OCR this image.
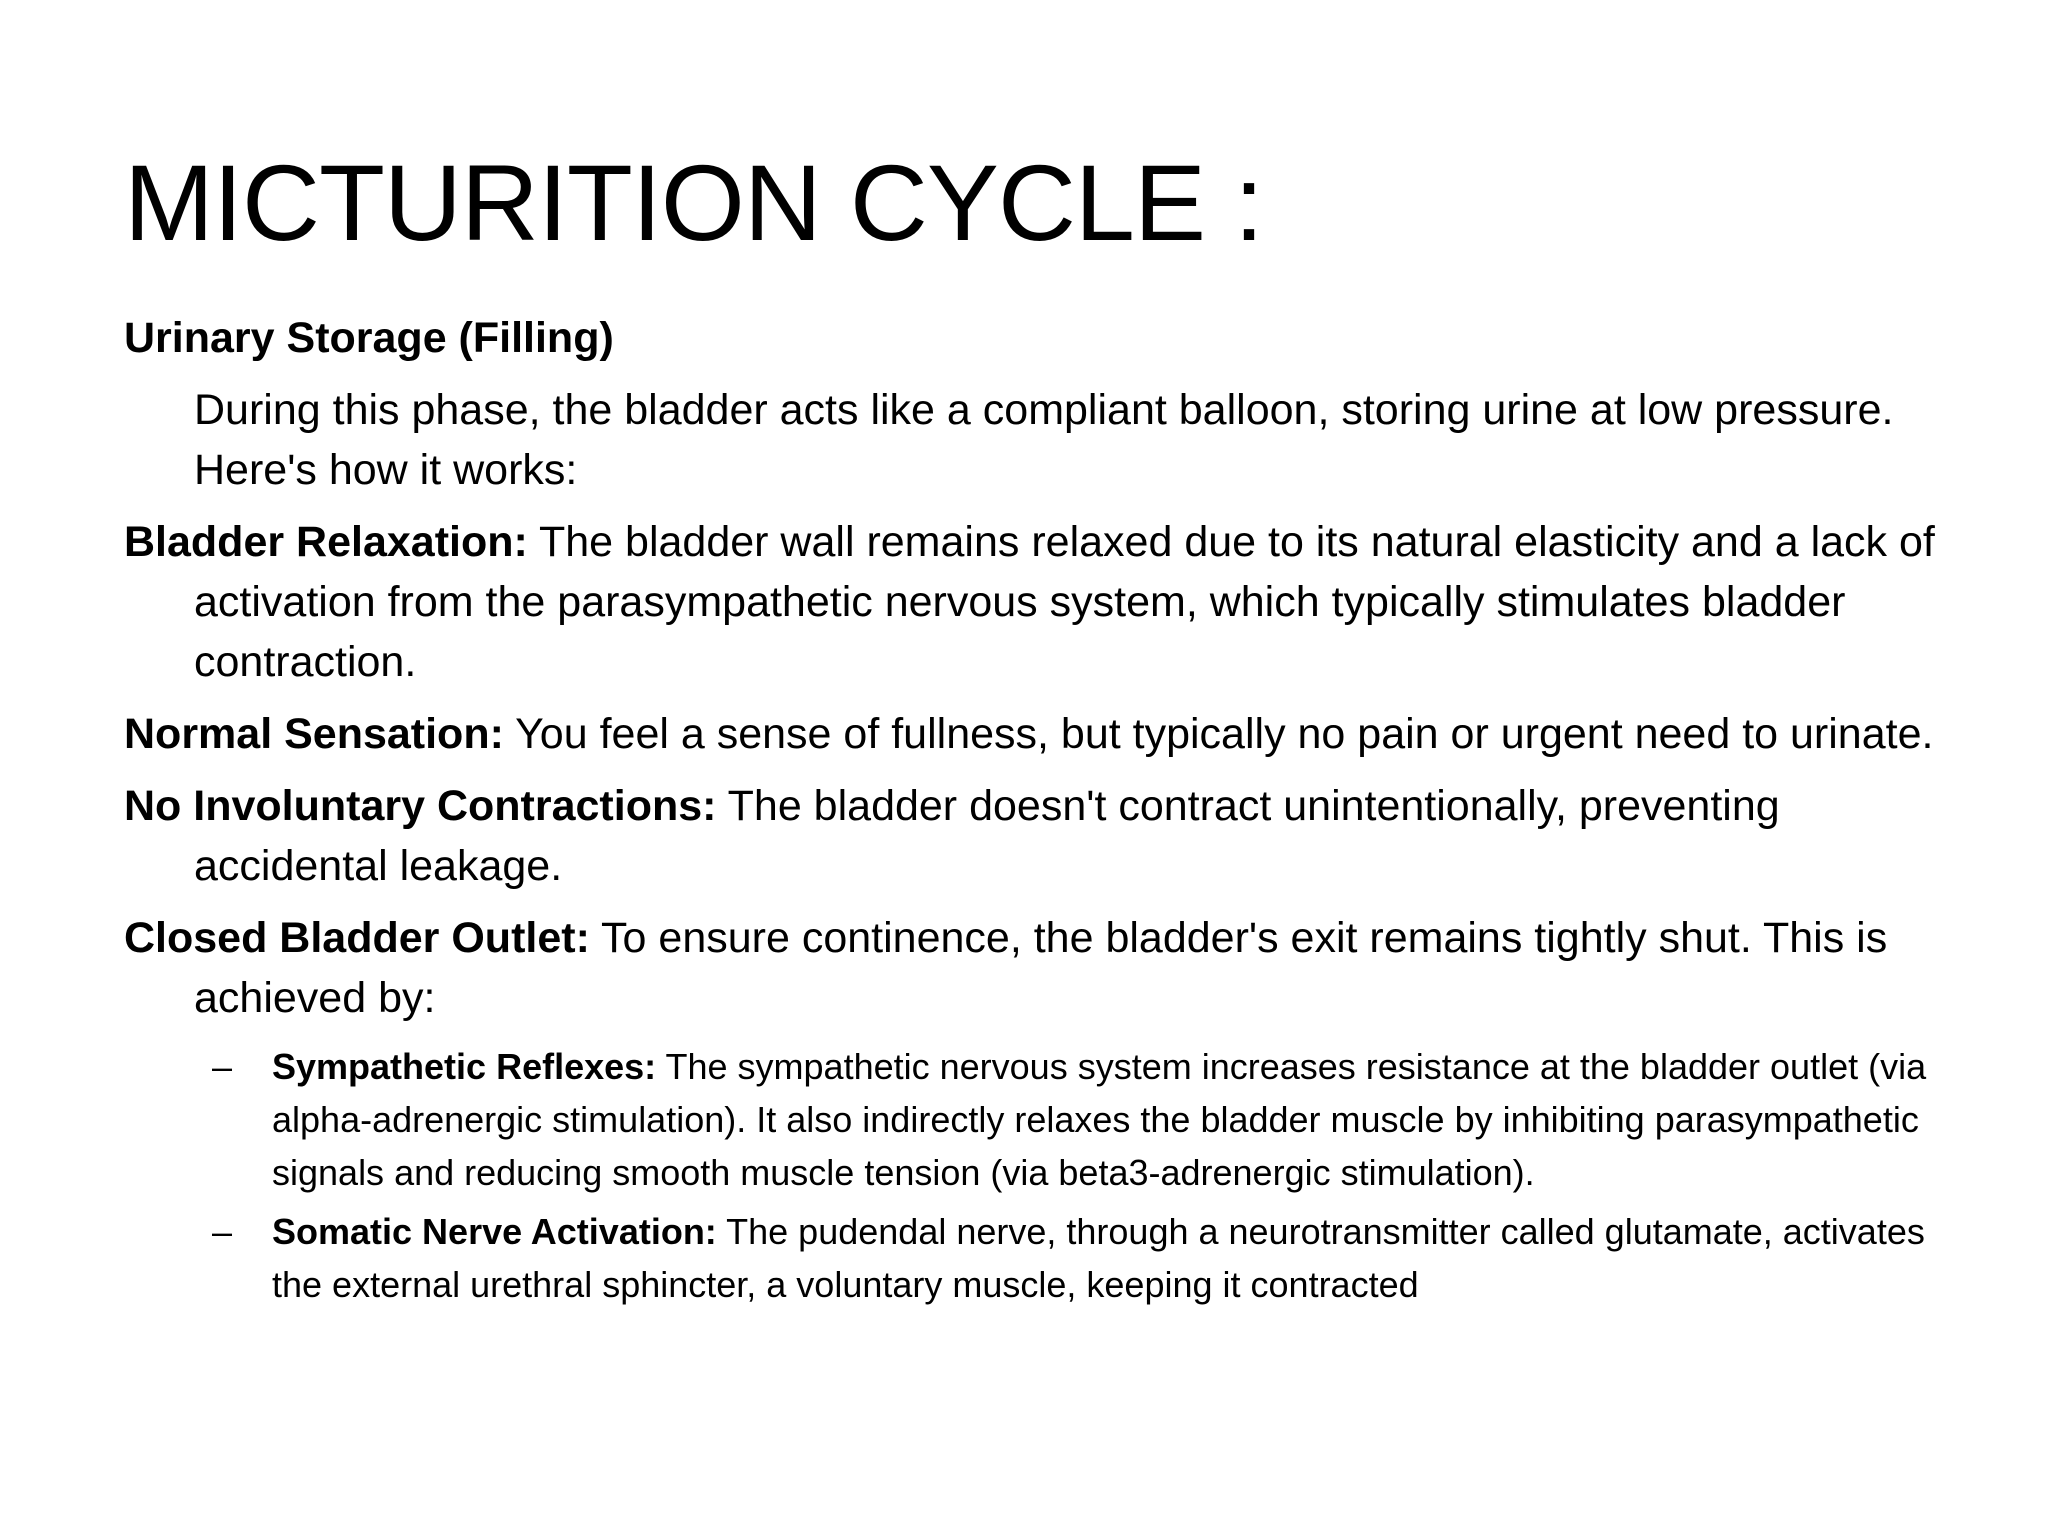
MICTURITION CYCLE :

Urinary Storage (Filling)

During this phase, the bladder acts like a compliant balloon, storing urine at low pressure. Here's how it works:

Bladder Relaxation: The bladder wall remains relaxed due to its natural elasticity and a lack of activation from the parasympathetic nervous system, which typically stimulates bladder contraction.

Normal Sensation: You feel a sense of fullness, but typically no pain or urgent need to urinate.

No Involuntary Contractions: The bladder doesn't contract unintentionally, preventing accidental leakage.

Closed Bladder Outlet: To ensure continence, the bladder's exit remains tightly shut. This is achieved by:

– Sympathetic Reflexes: The sympathetic nervous system increases resistance at the bladder outlet (via alpha-adrenergic stimulation). It also indirectly relaxes the bladder muscle by inhibiting parasympathetic signals and reducing smooth muscle tension (via beta3-adrenergic stimulation).

– Somatic Nerve Activation: The pudendal nerve, through a neurotransmitter called glutamate, activates the external urethral sphincter, a voluntary muscle, keeping it contracted
